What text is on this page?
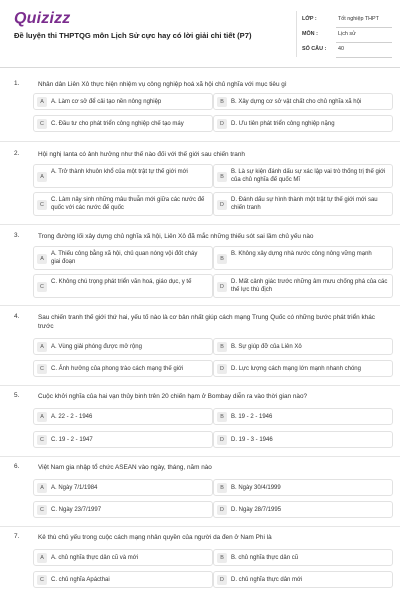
Quizizz
Đề luyện thi THPTQG môn Lịch Sử cực hay có lời giải chi tiết (P7)
LỚP :	Tốt nghiệp THPT
MÔN :	Lịch sử
SỐ CÂU : 40
1.	Nhân dân Liên Xô thực hiện nhiệm vụ công nghiệp hoá xã hội chủ nghĩa với mục tiêu gì
A	A. Làm cơ sở để cải tạo nền nông nghiệp	B	B. Xây dựng cơ sở vật chất cho chủ nghĩa xã hội
C	C. Đầu tư cho phát triển công nghiệp chế tạo máy	D	D. Ưu tiên phát triển công nghiệp nặng
2.	Hội nghị Ianta có ảnh hưởng như thế nào đối với thế giới sau chiến tranh
A
A. Trở thành khuôn khổ của một trật tự thế giới mới
B
B. Là sự kiện đánh dấu sự xác lập vai trò thống trị thế giới của chủ nghĩa đế quốc Mĩ
C
C. Làm nảy sinh những mâu thuẫn mới giữa các nước đế quốc với các nước đế quốc	D
D. Đánh dấu sự hình thành một trật tự thế giới mới sau chiến tranh
3.	Trong đường lối xây dựng chủ nghĩa xã hội, Liên Xô đã mắc những thiếu sót sai lầm chủ yếu nào
A
A. Thiếu công bằng xã hội, chủ quan nóng vội đốt cháy giai đoạn	B
B. Không xây dựng nhà nước công nông vững mạnh
C
C. Không chú trọng phát triển văn hoá, giáo dục, y tế
D
D. Mất cảnh giác trước những âm mưu chống phá của các thế lực thù địch
4.	Sau chiến tranh thế giới thứ hai, yếu tố nào là cơ bản nhất giúp cách mạng Trung Quốc có những bước phát triển khác trước
A	A. Vùng giải phóng được mở rộng	B	B. Sự giúp đỡ của Liên Xô
C	C. Ảnh hưởng của phong trào cách mạng thế giới	D	D. Lực lượng cách mạng lớn mạnh nhanh chóng
5.	Cuộc khởi nghĩa của hai vạn thủy binh trên 20 chiến hạm ở Bombay diễn ra vào thời gian nào?
A	A. 22 - 2 - 1946	B	B. 19 - 2 - 1946
C	C. 19 - 2 - 1947	D	D. 19 - 3 - 1946
6.	Việt Nam gia nhập tổ chức ASEAN vào ngày, tháng, năm nào
A	A. Ngày 7/1/1984	B	B. Ngày 30/4/1999
C	C. Ngày 23/7/1997	D	D. Ngày 28/7/1995
7.	Kẻ thù chủ yếu trong cuộc cách mạng nhân quyền của người da đen ở Nam Phi là
A	A. chủ nghĩa thực dân cũ và mới	B	B. chủ nghĩa thực dân cũ
C	C. chủ nghĩa Apácthai	D	D. chủ nghĩa thực dân mới
